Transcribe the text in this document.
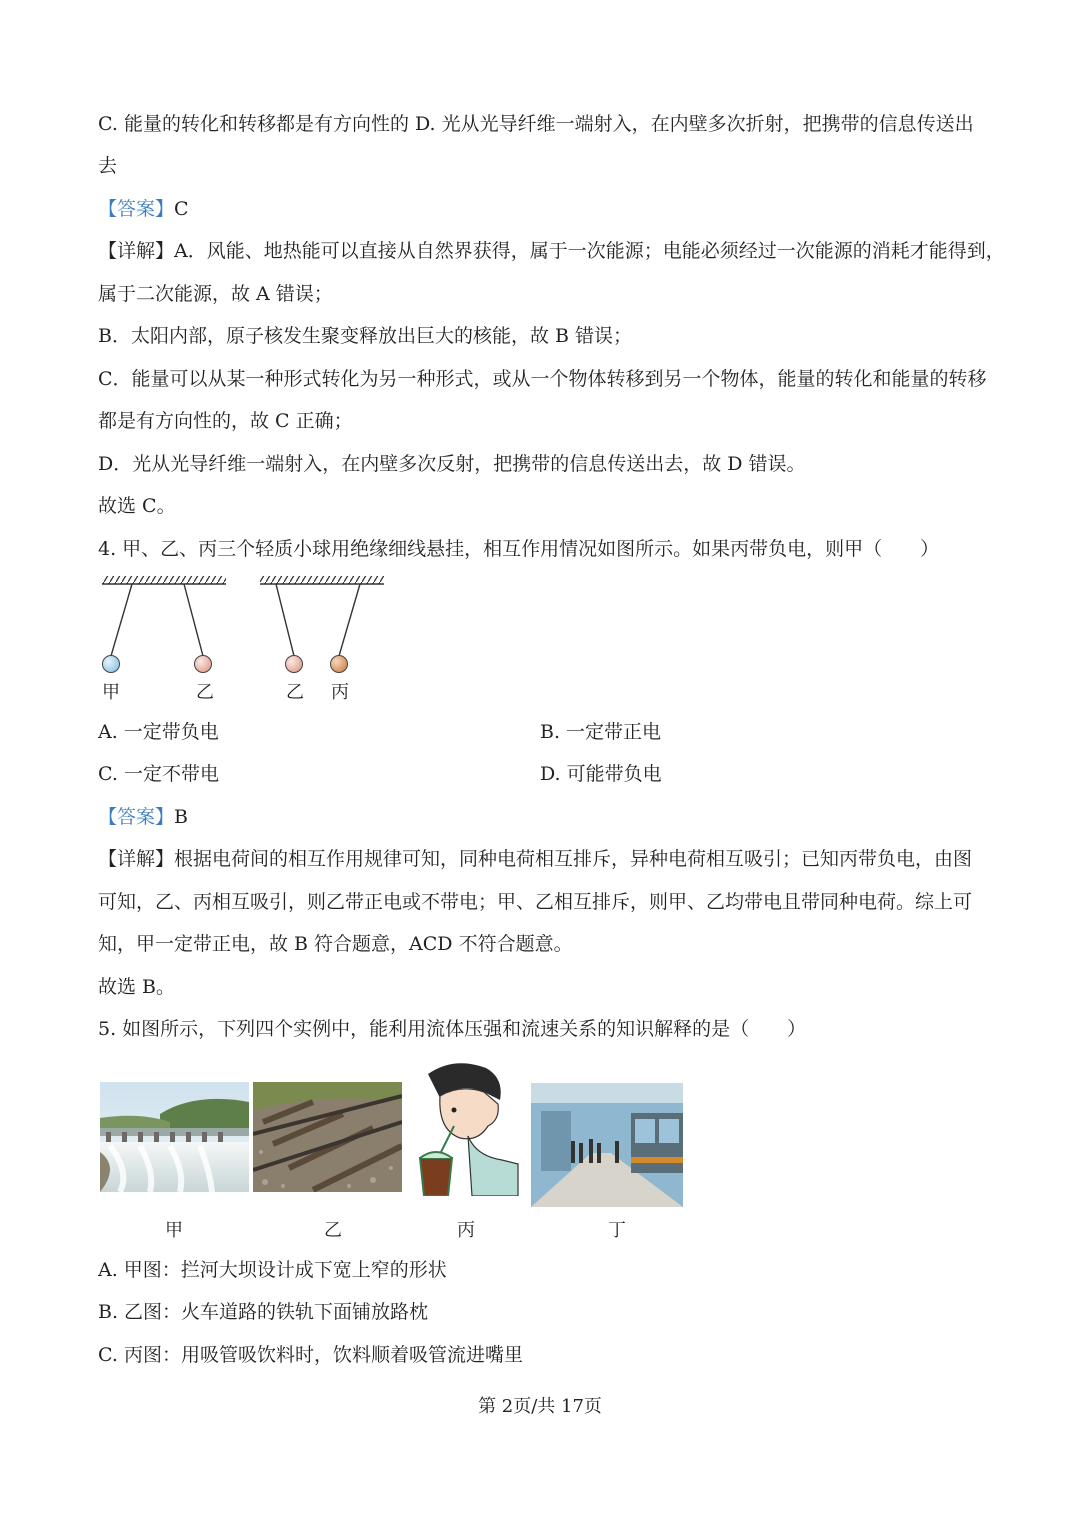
C. 能量的转化和转移都是有方向性的 D. 光从光导纤维一端射入，在内壁多次折射，把携带的信息传送出
去
【答案】C
【详解】A．风能、地热能可以直接从自然界获得，属于一次能源；电能必须经过一次能源的消耗才能得到，
属于二次能源，故 A 错误；
B．太阳内部，原子核发生聚变释放出巨大的核能，故 B 错误；
C．能量可以从某一种形式转化为另一种形式，或从一个物体转移到另一个物体，能量的转化和能量的转移
都是有方向性的，故 C 正确；
D．光从光导纤维一端射入，在内壁多次反射，把携带的信息传送出去，故 D 错误。
故选 C。
4. 甲、乙、丙三个轻质小球用绝缘细线悬挂，相互作用情况如图所示。如果丙带负电，则甲（　　）
甲	乙	乙 丙
A. 一定带负电	B. 一定带正电
C. 一定不带电	D. 可能带负电
【答案】B
【详解】根据电荷间的相互作用规律可知，同种电荷相互排斥，异种电荷相互吸引；已知丙带负电，由图
可知，乙、丙相互吸引，则乙带正电或不带电；甲、乙相互排斥，则甲、乙均带电且带同种电荷。综上可
知，甲一定带正电，故 B 符合题意，ACD 不符合题意。
故选 B。
5. 如图所示，下列四个实例中，能利用流体压强和流速关系的知识解释的是（　　）
甲	乙	丙	丁
A. 甲图：拦河大坝设计成下宽上窄的形状
B. 乙图：火车道路的铁轨下面铺放路枕
C. 丙图：用吸管吸饮料时，饮料顺着吸管流进嘴里
第 2页/共 17页
